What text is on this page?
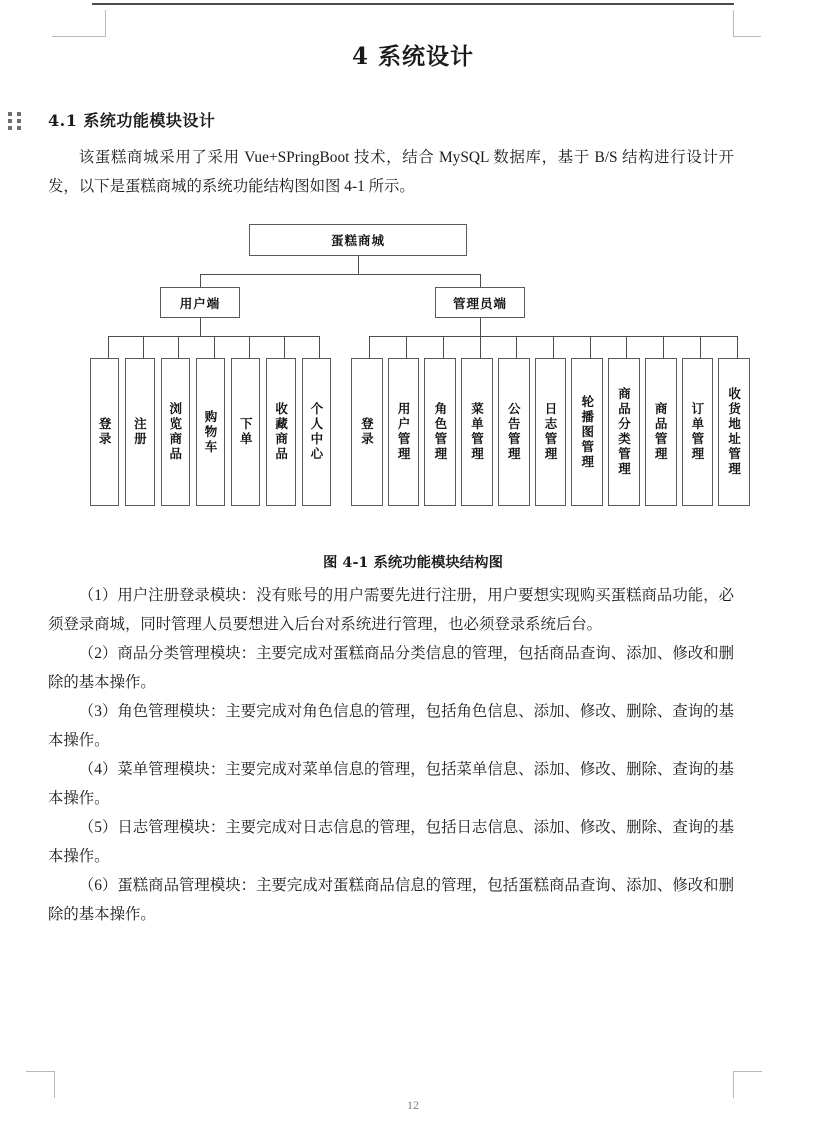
4 系统设计
4.1 系统功能模块设计

该蛋糕商城采用了采用 Vue+SPringBoot 技术，结合 MySQL 数据库，基于 B/S 结构进行设计开发，以下是蛋糕商城的系统功能结构图如图 4-1 所示。

图 4-1 系统功能模块结构图

（1）用户注册登录模块：没有账号的用户需要先进行注册，用户要想实现购买蛋糕商品功能，必须登录商城，同时管理人员要想进入后台对系统进行管理，也必须登录系统后台。

（2）商品分类管理模块：主要完成对蛋糕商品分类信息的管理，包括商品查询、添加、修改和删除的基本操作。

（3）角色管理模块：主要完成对角色信息的管理，包括角色信息、添加、修改、删除、查询的基本操作。

（4）菜单管理模块：主要完成对菜单信息的管理，包括菜单信息、添加、修改、删除、查询的基本操作。

（5）日志管理模块：主要完成对日志信息的管理，包括日志信息、添加、修改、删除、查询的基本操作。

（6）蛋糕商品管理模块：主要完成对蛋糕商品信息的管理，包括蛋糕商品查询、添加、修改和删除的基本操作。

蛋糕商城
用户端
登录	注册	浏览商品	购物车	下单	收藏商品	个人中心
管理员端
登录	用户管理	角色管理	菜单管理	公告管理	日志管理	轮播图管理	商品分类管理	商品管理	订单管理	收货地址管理
12
